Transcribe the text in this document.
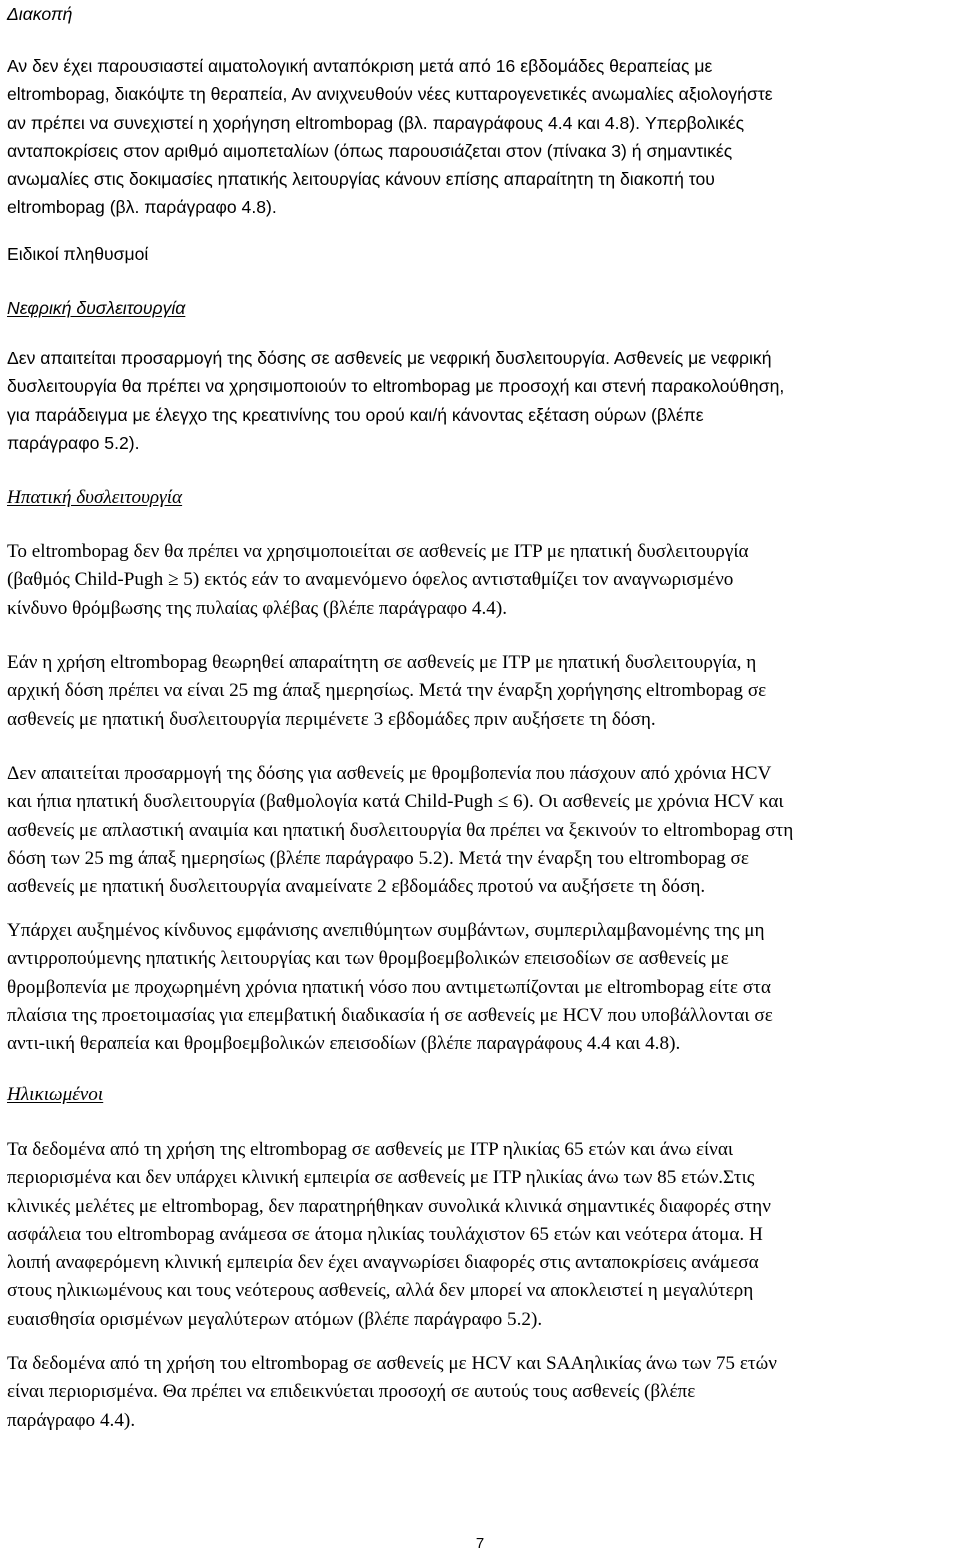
Διακοπή

Αν δεν έχει παρουσιαστεί αιματολογική ανταπόκριση μετά από 16 εβδομάδες θεραπείας με
eltrombopag, διακόψτε τη θεραπεία, Αν ανιχνευθούν νέες κυτταρογενετικές ανωμαλίες αξιολογήστε
αν πρέπει να συνεχιστεί η χορήγηση eltrombopag (βλ. παραγράφους 4.4 και 4.8). Υπερβολικές
ανταποκρίσεις στον αριθμό αιμοπεταλίων (όπως παρουσιάζεται στον (πίνακα 3) ή σημαντικές
ανωμαλίες στις δοκιμασίες ηπατικής λειτουργίας κάνουν επίσης απαραίτητη τη διακοπή του
eltrombopag (βλ. παράγραφο 4.8).

Ειδικοί πληθυσμοί

Νεφρική δυσλειτουργία

Δεν απαιτείται προσαρμογή της δόσης σε ασθενείς με νεφρική δυσλειτουργία. Ασθενείς με νεφρική
δυσλειτουργία θα πρέπει να χρησιμοποιούν το eltrombopag με προσοχή και στενή παρακολούθηση,
για παράδειγμα με έλεγχο της κρεατινίνης του ορού και/ή κάνοντας εξέταση ούρων (βλέπε
παράγραφο 5.2).

Ηπατική δυσλειτουργία

Το eltrombopag δεν θα πρέπει να χρησιμοποιείται σε ασθενείς με ITP με ηπατική δυσλειτουργία
(βαθμός Child-Pugh ≥ 5) εκτός εάν το αναμενόμενο όφελος αντισταθμίζει τον αναγνωρισμένο
κίνδυνο θρόμβωσης της πυλαίας φλέβας (βλέπε παράγραφο 4.4).

Εάν η χρήση eltrombopag θεωρηθεί απαραίτητη σε ασθενείς με ITP με ηπατική δυσλειτουργία, η
αρχική δόση πρέπει να είναι 25 mg άπαξ ημερησίως. Μετά την έναρξη χορήγησης eltrombopag σε
ασθενείς με ηπατική δυσλειτουργία περιμένετε 3 εβδομάδες πριν αυξήσετε τη δόση.

Δεν απαιτείται προσαρμογή της δόσης για ασθενείς με θρομβοπενία που πάσχουν από χρόνια HCV
και ήπια ηπατική δυσλειτουργία (βαθμολογία κατά Child-Pugh ≤ 6). Οι ασθενείς με χρόνια HCV και
ασθενείς με απλαστική αναιμία και ηπατική δυσλειτουργία θα πρέπει να ξεκινούν το eltrombopag στη
δόση των 25 mg άπαξ ημερησίως (βλέπε παράγραφο 5.2). Μετά την έναρξη του eltrombopag σε
ασθενείς με ηπατική δυσλειτουργία αναμείνατε 2 εβδομάδες προτού να αυξήσετε τη δόση.

Υπάρχει αυξημένος κίνδυνος εμφάνισης ανεπιθύμητων συμβάντων, συμπεριλαμβανομένης της μη
αντιρροπούμενης ηπατικής λειτουργίας και των θρομβοεμβολικών επεισοδίων σε ασθενείς με
θρομβοπενία με προχωρημένη χρόνια ηπατική νόσο που αντιμετωπίζονται με eltrombopag είτε στα
πλαίσια της προετοιμασίας για επεμβατική διαδικασία ή σε ασθενείς με HCV που υποβάλλονται σε
αντι-ιική θεραπεία και θρομβοεμβολικών επεισοδίων (βλέπε παραγράφους 4.4 και 4.8).

Ηλικιωμένοι

Τα δεδομένα από τη χρήση της eltrombopag σε ασθενείς με ITP ηλικίας 65 ετών και άνω είναι
περιορισμένα και δεν υπάρχει κλινική εμπειρία σε ασθενείς με ITP ηλικίας άνω των 85 ετών.Στις
κλινικές μελέτες με eltrombopag, δεν παρατηρήθηκαν συνολικά κλινικά σημαντικές διαφορές στην
ασφάλεια του eltrombopag ανάμεσα σε άτομα ηλικίας τουλάχιστον 65 ετών και νεότερα άτομα. Η
λοιπή αναφερόμενη κλινική εμπειρία δεν έχει αναγνωρίσει διαφορές στις ανταποκρίσεις ανάμεσα
στους ηλικιωμένους και τους νεότερους ασθενείς, αλλά δεν μπορεί να αποκλειστεί η μεγαλύτερη
ευαισθησία ορισμένων μεγαλύτερων ατόμων (βλέπε παράγραφο 5.2).

Τα δεδομένα από τη χρήση του eltrombopag σε ασθενείς με HCV και SAAηλικίας άνω των 75 ετών
είναι περιορισμένα. Θα πρέπει να επιδεικνύεται προσοχή σε αυτούς τους ασθενείς (βλέπε
παράγραφο 4.4).

7
